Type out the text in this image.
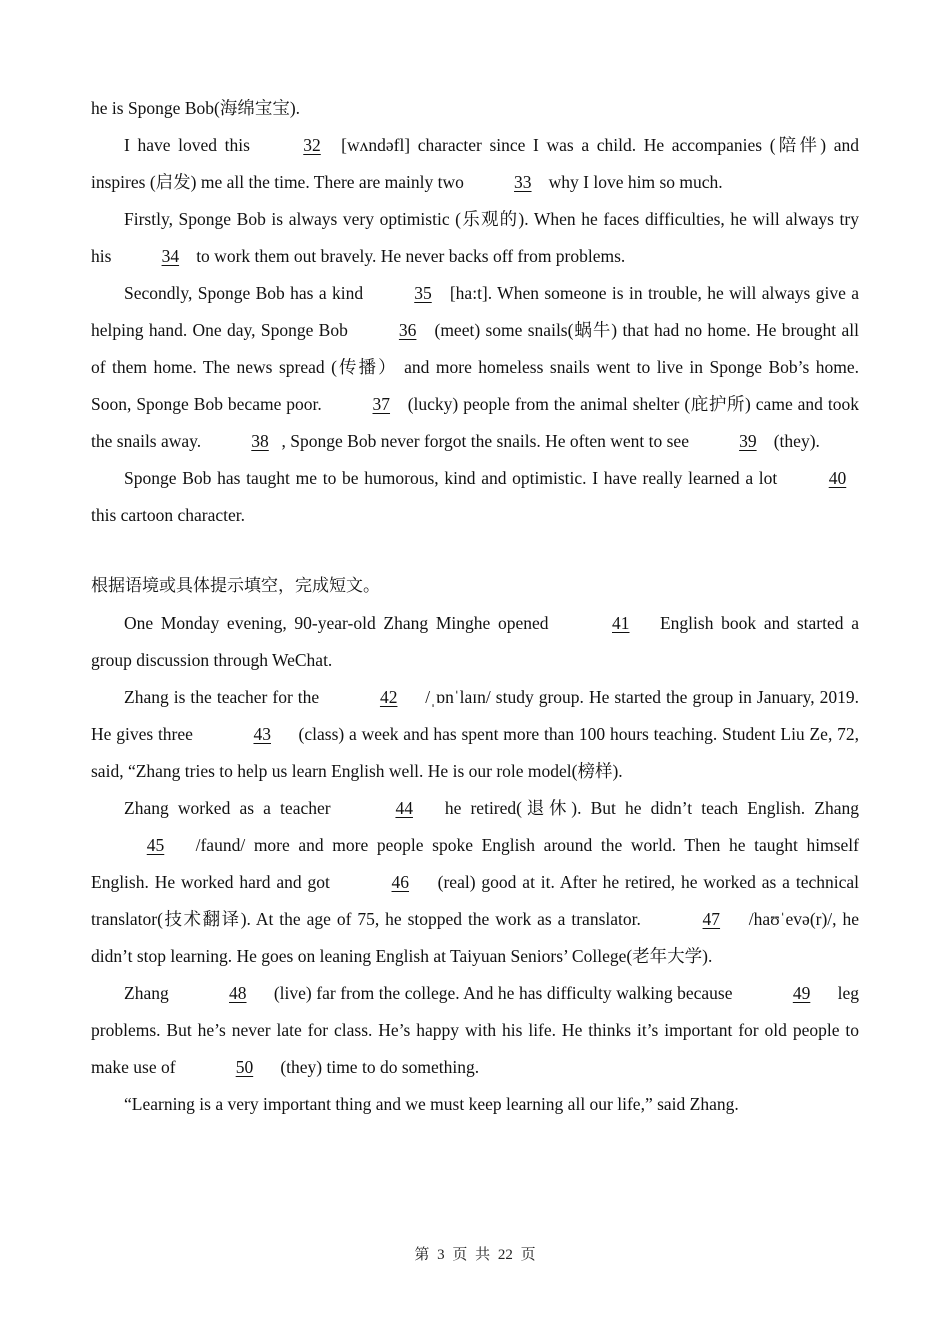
he is Sponge Bob(海绵宝宝).

I have loved this	32 [wʌndəfl] character since I was a child. He accompanies (陪伴) and inspires (启发) me all the time. There are mainly two	33 why I love him so much.

Firstly, Sponge Bob is always very optimistic (乐观的). When he faces difficulties, he will always try his	34 to work them out bravely. He never backs off from problems.

Secondly, Sponge Bob has a kind	35 [ha:t]. When someone is in trouble, he will always give a helping hand. One day, Sponge Bob	36 (meet) some snails(蜗牛) that had no home. He brought all of them home. The news spread (传播） and more homeless snails went to live in Sponge Bob’s home. Soon, Sponge Bob became poor.	37 (lucky) people from the animal shelter (庇护所) came and took the snails away.	38 , Sponge Bob never forgot the snails. He often went to see	39 (they).

Sponge Bob has taught me to be humorous, kind and optimistic. I have really learned a lot	40 this cartoon character.

根据语境或具体提示填空，完成短文。

One Monday evening, 90-year-old Zhang Minghe opened	41 English book and started a group discussion through WeChat.

Zhang is the teacher for the	42 /ˌɒnˈlaɪn/ study group. He started the group in January, 2019. He gives three	43 (class) a week and has spent more than 100 hours teaching. Student Liu Ze, 72, said, “Zhang tries to help us learn English well. He is our role model(榜样).

Zhang worked as a teacher	44 he retired(退休). But he didn’t teach English. Zhang 45 /faund/ more and more people spoke English around the world. Then he taught himself English. He worked hard and got	46 (real) good at it. After he retired, he worked as a technical translator(技术翻译). At the age of 75, he stopped the work as a translator.	47 /haʊˈevə(r)/, he didn’t stop learning. He goes on leaning English at Taiyuan Seniors’ College(老年大学).

Zhang	48 (live) far from the college. And he has difficulty walking because	49 leg problems. But he’s never late for class. He’s happy with his life. He thinks it’s important for old people to make use of	50 (they) time to do something.

“Learning is a very important thing and we must keep learning all our life,” said Zhang.

第 3 页 共 22 页
